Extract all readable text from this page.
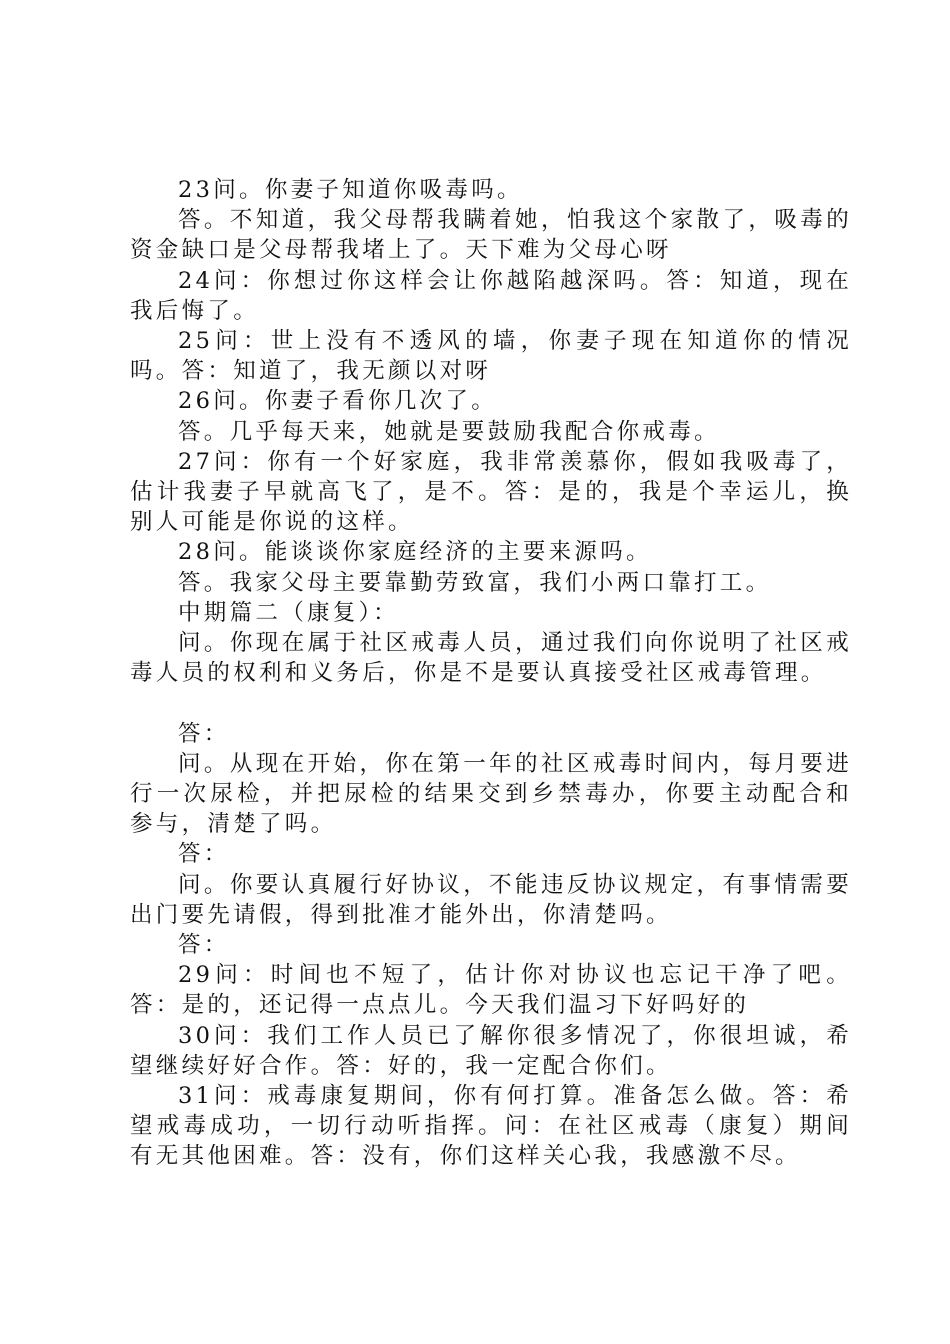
23问。你妻子知道你吸毒吗。

答。不知道，我父母帮我瞒着她，怕我这个家散了，吸毒的资金缺口是父母帮我堵上了。天下难为父母心呀

24问：你想过你这样会让你越陷越深吗。答：知道，现在我后悔了。

25问：世上没有不透风的墙，你妻子现在知道你的情况吗。答：知道了，我无颜以对呀

26问。你妻子看你几次了。

答。几乎每天来，她就是要鼓励我配合你戒毒。

27问：你有一个好家庭，我非常羡慕你，假如我吸毒了，估计我妻子早就高飞了，是不。答：是的，我是个幸运儿，换别人可能是你说的这样。

28问。能谈谈你家庭经济的主要来源吗。

答。我家父母主要靠勤劳致富，我们小两口靠打工。

中期篇二（康复）：

问。你现在属于社区戒毒人员，通过我们向你说明了社区戒毒人员的权利和义务后，你是不是要认真接受社区戒毒管理。

答：

问。从现在开始，你在第一年的社区戒毒时间内，每月要进行一次尿检，并把尿检的结果交到乡禁毒办，你要主动配合和参与，清楚了吗。

答：

问。你要认真履行好协议，不能违反协议规定，有事情需要出门要先请假，得到批准才能外出，你清楚吗。

答：

29问：时间也不短了，估计你对协议也忘记干净了吧。答：是的，还记得一点点儿。今天我们温习下好吗好的

30问：我们工作人员已了解你很多情况了，你很坦诚，希望继续好好合作。答：好的，我一定配合你们。

31问：戒毒康复期间，你有何打算。准备怎么做。答：希望戒毒成功，一切行动听指挥。问：在社区戒毒（康复）期间有无其他困难。答：没有，你们这样关心我，我感激不尽。
